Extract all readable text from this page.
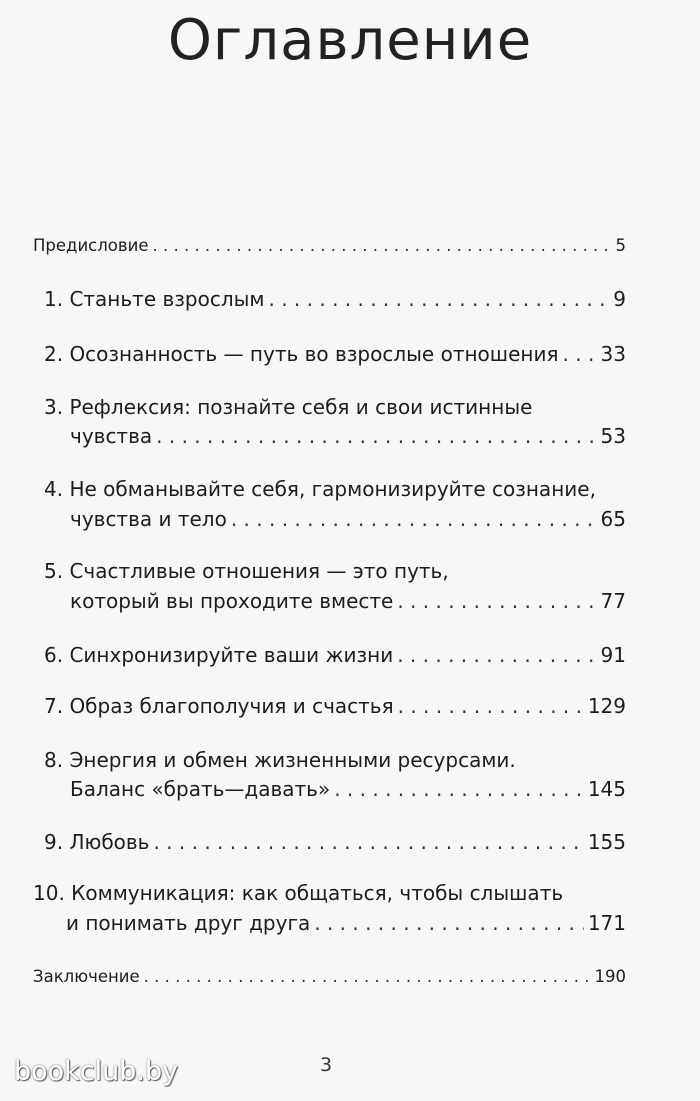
Оглавление
Предисловие . . .	5
1. Станьте взрослым . . .	9
2. Осознанность — путь во взрослые отношения . . . 33
3. Рефлексия: познайте себя и свои истинные
чувства . . .	53
4. Не обманывайте себя, гармонизируйте сознание,
чувства и тело . . .	65
5. Счастливые отношения — это путь,
который вы проходите вместе . . .	77
6. Синхронизируйте ваши жизни . . .	91
7. Образ благополучия и счастья . . .	129
8. Энергия и обмен жизненными ресурсами.
Баланс «брать—давать» . . .	145
9. Любовь . . .	155
10. Коммуникация: как общаться, чтобы слышать
и понимать друг друга . . .	171
Заключение . . .	190
bookclub.by	3
